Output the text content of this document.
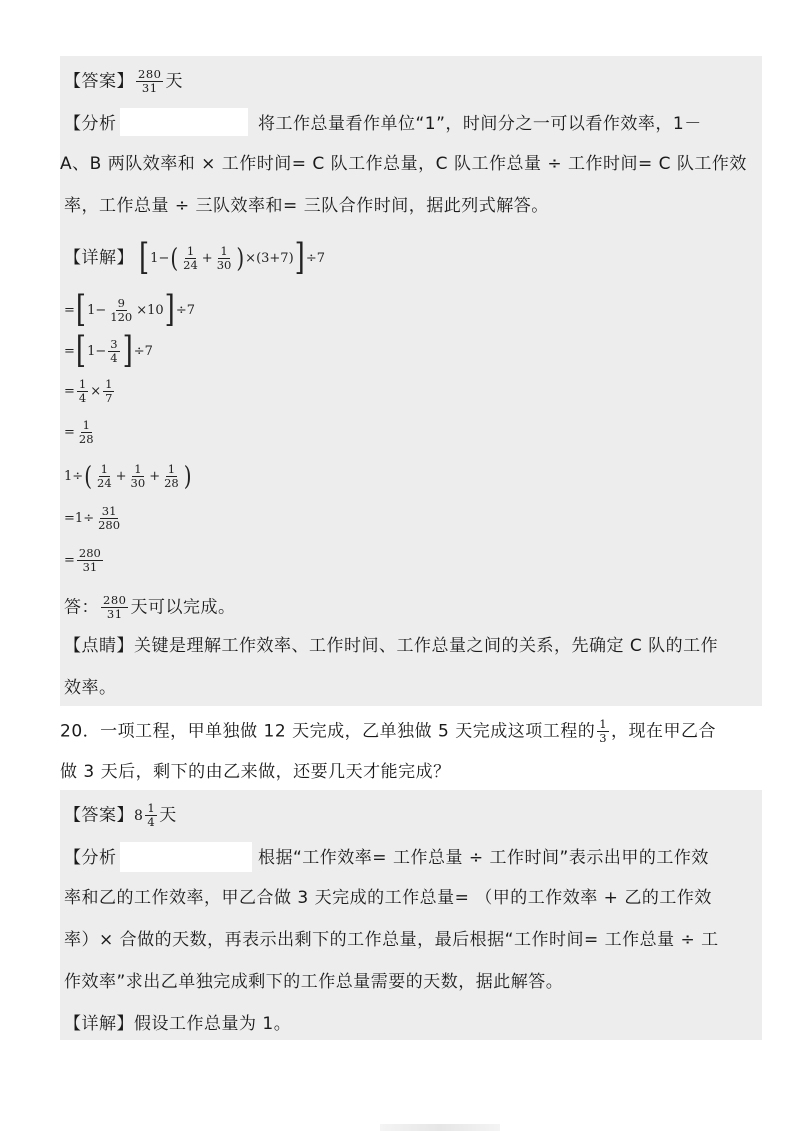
【答案】 $\frac{280}{31}$ 天
【分析	将工作总量看作单位“1”，时间分之一可以看作效率，1－
A、B 两队效率和 × 工作时间= C 队工作总量，C 队工作总量 ÷ 工作时间= C 队工作效
率，工作总量 ÷ 三队效率和= 三队合作时间，据此列式解答。
【详解】 [ 1 − ( $\frac{1}{24} + \frac{1}{30}$ ) × ( 3+7 ) ] ÷ 7
= [ $1 - \frac{9}{120} \times 10$ ] ÷ 7
= [ $1 - \frac{3}{4}$ ] ÷ 7
= $\frac{1}{4} \times \frac{1}{7}$
= $\frac{1}{28}$
1 ÷ ( $\frac{1}{24} + \frac{1}{30} + \frac{1}{28}$ )
= $1 \div \frac{31}{280}$
= $\frac{280}{31}$
答： $\frac{280}{31}$ 天可以完成。
【点睛】关键是理解工作效率、工作时间、工作总量之间的关系，先确定 C 队的工作
效率。
20．一项工程，甲单独做 12 天完成，乙单独做 5 天完成这项工程的 $\frac{1}{3}$ ，现在甲乙合
做 3 天后，剩下的由乙来做，还要几天才能完成？
【答案】 $8 \frac{1}{4}$ 天
【分析	根据“工作效率= 工作总量 ÷ 工作时间”表示出甲的工作效
率和乙的工作效率，甲乙合做 3 天完成的工作总量= （甲的工作效率 + 乙的工作效
率）× 合做的天数，再表示出剩下的工作总量，最后根据“工作时间= 工作总量 ÷ 工
作效率”求出乙单独完成剩下的工作总量需要的天数，据此解答。
【详解】假设工作总量为 1。
